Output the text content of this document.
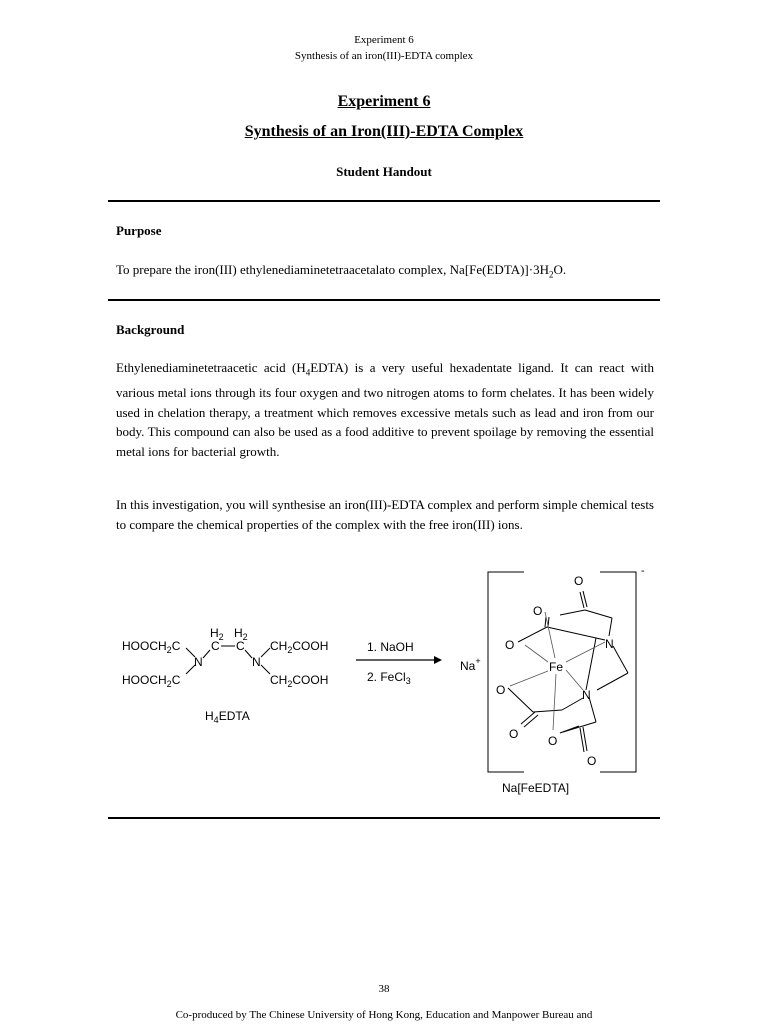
Experiment 6
Synthesis of an iron(III)-EDTA complex
Experiment 6
Synthesis of an Iron(III)-EDTA Complex
Student Handout
Purpose
To prepare the iron(III) ethylenediaminetetraacetalato complex, $Na[Fe(EDTA)]\cdot 3H_2O$.
Background
Ethylenediaminetetraacetic acid $(H_4EDTA)$ is a very useful hexadentate ligand. It can react with various metal ions through its four oxygen and two nitrogen atoms to form chelates. It has been widely used in chelation therapy, a treatment which removes excessive metals such as lead and iron from our body. This compound can also be used as a food additive to prevent spoilage by removing the essential metal ions for bacterial growth.
In this investigation, you will synthesise an iron(III)-EDTA complex and perform simple chemical tests to compare the chemical properties of the complex with the free iron(III) ions.
$H_2$ $H_2$
$HOOCH_2C$
$HOOCH_2C$
C C
N	N
$CH_2COOH$
$CH_2COOH$
$H_4EDTA$
1. NaOH
2. FeCl$_3$
Na+
-
O
O
O	N
Fe
O	N
O O
O
Na[FeEDTA]
38
Co-produced by The Chinese University of Hong Kong, Education and Manpower Bureau and
